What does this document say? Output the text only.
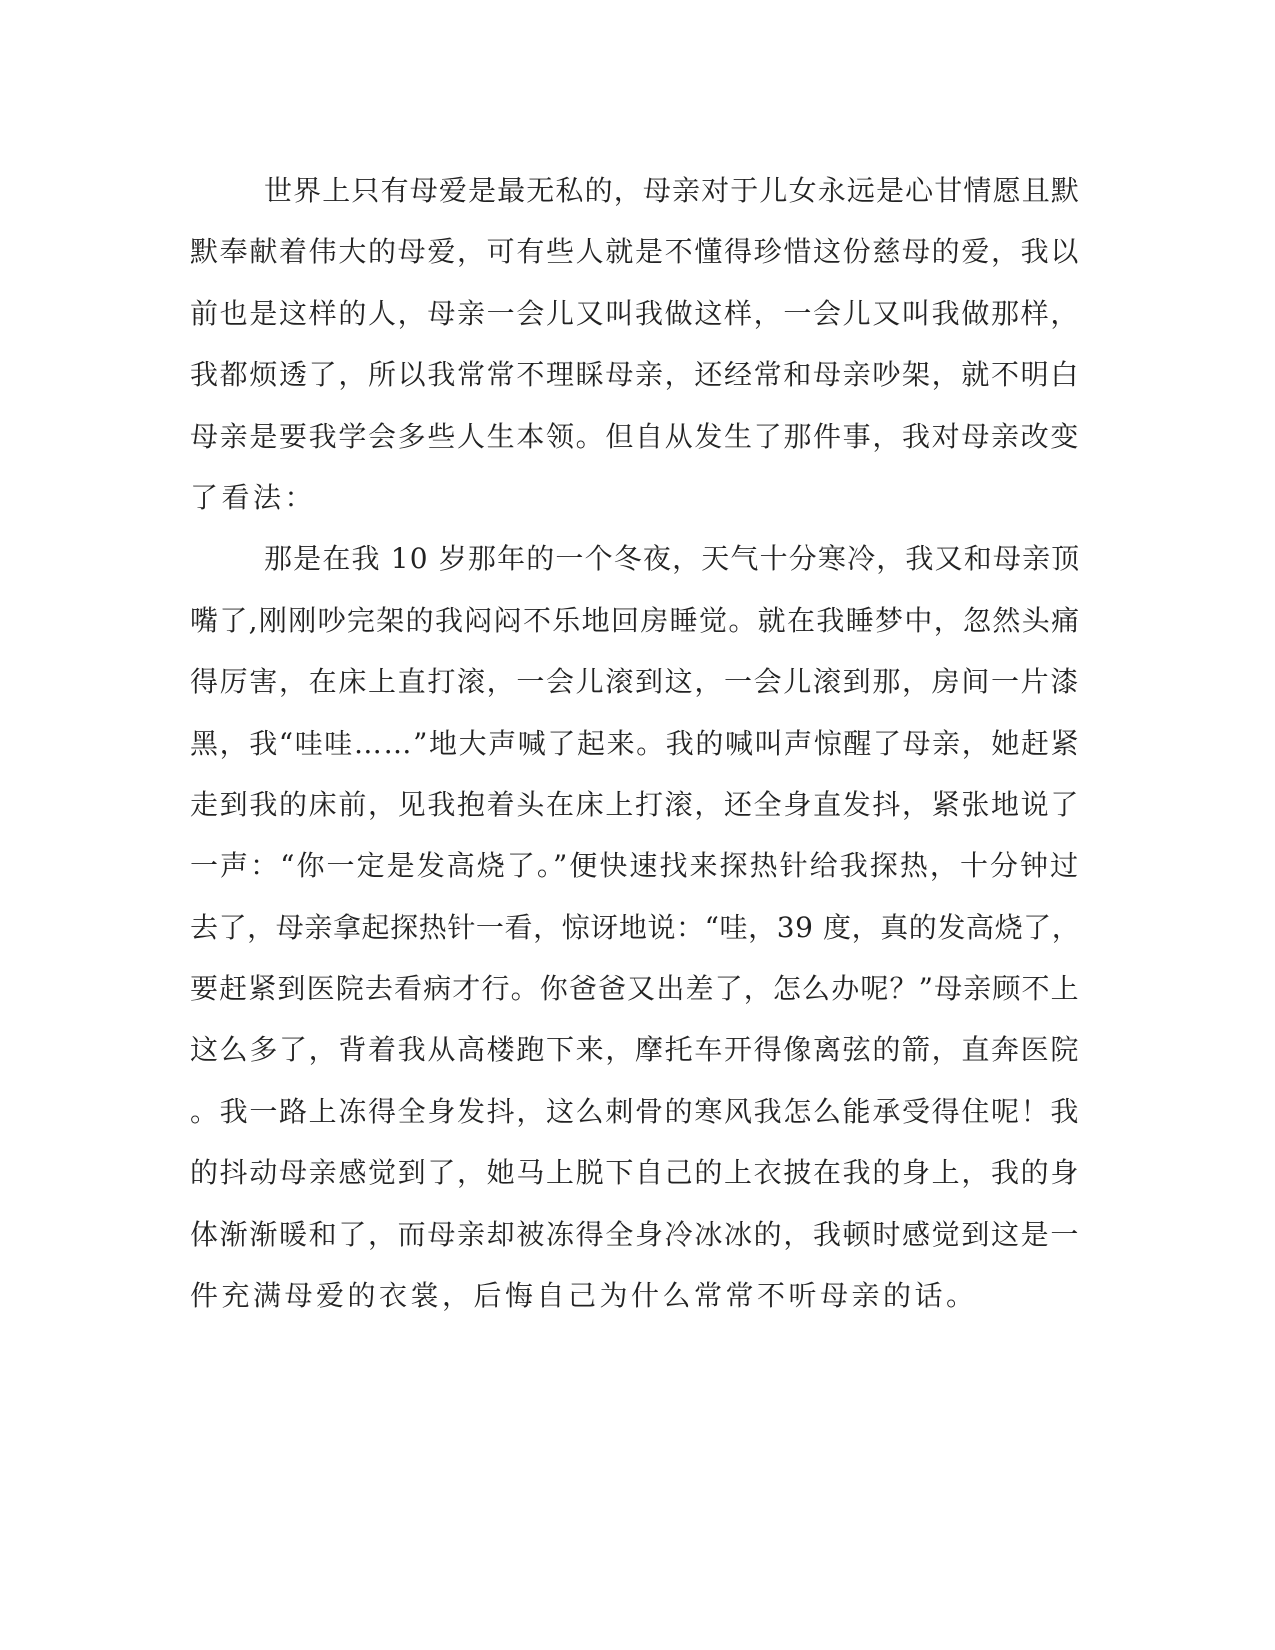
世界上只有母爱是最无私的，母亲对于儿女永远是心甘情愿且默
默奉献着伟大的母爱，可有些人就是不懂得珍惜这份慈母的爱，我以
前也是这样的人，母亲一会儿又叫我做这样，一会儿又叫我做那样，
我都烦透了，所以我常常不理睬母亲，还经常和母亲吵架，就不明白
母亲是要我学会多些人生本领。但自从发生了那件事，我对母亲改变
了看法：
那是在我 10 岁那年的一个冬夜，天气十分寒冷，我又和母亲顶
嘴了,刚刚吵完架的我闷闷不乐地回房睡觉。就在我睡梦中，忽然头痛
得厉害，在床上直打滚，一会儿滚到这，一会儿滚到那，房间一片漆
黑，我“哇哇……”地大声喊了起来。我的喊叫声惊醒了母亲，她赶紧
走到我的床前，见我抱着头在床上打滚，还全身直发抖，紧张地说了
一声：“你一定是发高烧了。”便快速找来探热针给我探热，十分钟过
去了，母亲拿起探热针一看，惊讶地说：“哇，39 度，真的发高烧了，
要赶紧到医院去看病才行。你爸爸又出差了，怎么办呢？”母亲顾不上
这么多了，背着我从高楼跑下来，摩托车开得像离弦的箭，直奔医院
。我一路上冻得全身发抖，这么刺骨的寒风我怎么能承受得住呢！我
的抖动母亲感觉到了，她马上脱下自己的上衣披在我的身上，我的身
体渐渐暖和了，而母亲却被冻得全身冷冰冰的，我顿时感觉到这是一
件充满母爱的衣裳，后悔自己为什么常常不听母亲的话。
